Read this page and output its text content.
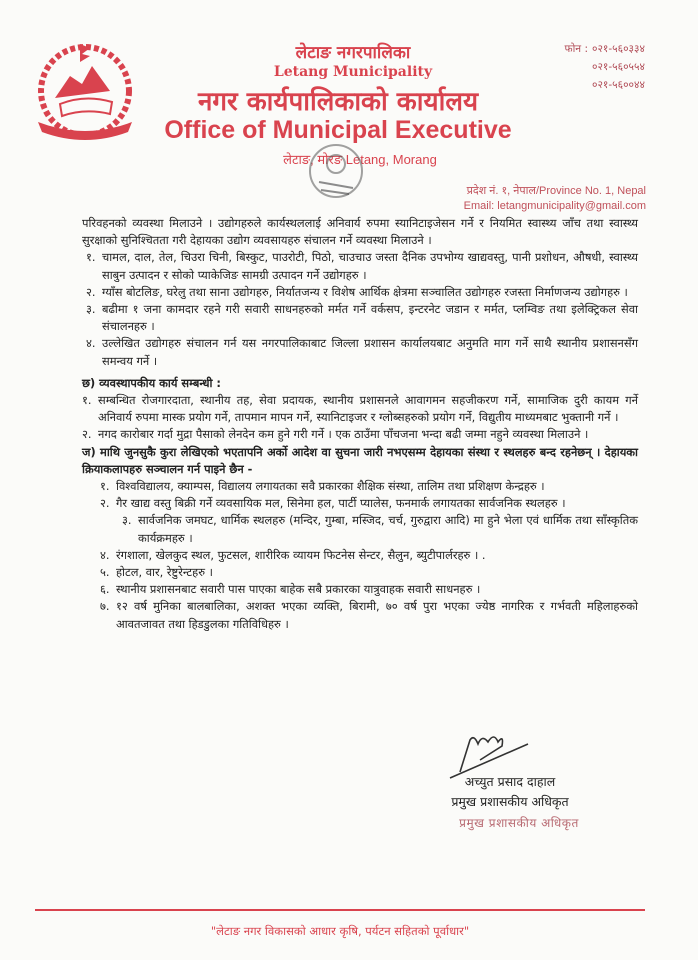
लेटाङ नगरपालिका
Letang Municipality
नगर कार्यपालिकाको कार्यालय
Office of Municipal Executive
लेटाङ, मोरङ Letang, Morang
फोन : ०२१-५६०३३४
०२१-५६०५५४
०२१-५६००४४
प्रदेश नं. १, नेपाल/Province No. 1, Nepal
Email: letangmunicipality@gmail.com

परिवहनको व्यवस्था मिलाउने । उद्योगहरुले कार्यस्थललाई अनिवार्य रुपमा स्यानिटाइजेसन गर्ने र नियमित स्वास्थ्य जाँच तथा स्वास्थ्य सुरक्षाको सुनिश्चितता गरी देहायका उद्योग व्यवसायहरु संचालन गर्ने व्यवस्था मिलाउने ।

१. चामल, दाल, तेल, चिउरा चिनी, बिस्कुट, पाउरोटी, पिठो, चाउचाउ जस्ता दैनिक उपभोग्य खाद्यवस्तु, पानी प्रशोधन, औषधी, स्वास्थ्य साबुन उत्पादन र सोको प्याकेजिङ सामग्री उत्पादन गर्ने उद्योगहरु ।
२. ग्याँस बोटलिङ, घरेलु तथा साना उद्योगहरु, निर्यातजन्य र विशेष आर्थिक क्षेत्रमा सञ्चालित उद्योगहरु रजस्ता निर्माणजन्य उद्योगहरु ।
३. बढीमा १ जना कामदार रहने गरी सवारी साधनहरुको मर्मत गर्ने वर्कसप, इन्टरनेट जडान र मर्मत, प्लम्विङ तथा इलेक्ट्रिकल सेवा संचालनहरु ।
४. उल्लेखित उद्योगहरु संचालन गर्न यस नगरपालिकाबाट जिल्ला प्रशासन कार्यालयबाट अनुमति माग गर्ने साथै स्थानीय प्रशासनसँग समन्वय गर्ने ।

छ) व्यवस्थापकीय कार्य सम्बन्धी :

१. सम्बन्धित रोजगारदाता, स्थानीय तह, सेवा प्रदायक, स्थानीय प्रशासनले आवागमन सहजीकरण गर्ने, सामाजिक दुरी कायम गर्ने अनिवार्य रुपमा मास्क प्रयोग गर्ने, तापमान मापन गर्ने, स्यानिटाइजर र ग्लोब्सहरुको प्रयोग गर्ने, विद्युतीय माध्यमबाट भुक्तानी गर्ने ।
२. नगद कारोबार गर्दा मुद्रा पैसाको लेनदेन कम हुने गरी गर्ने । एक ठाउँमा पाँचजना भन्दा बढी जम्मा नहुने व्यवस्था मिलाउने ।

ज) माथि जुनसुकै कुरा लेखिएको भएतापनि अर्को आदेश वा सुचना जारी नभएसम्म देहायका संस्था र स्थलहरु बन्द रहनेछन् । देहायका क्रियाकलापहरु सञ्चालन गर्न पाइने छैन -

१. विश्वविद्यालय, क्याम्पस, विद्यालय लगायतका सवै प्रकारका शैक्षिक संस्था, तालिम तथा प्रशिक्षण केन्द्रहरु ।
२. गैर खाद्य वस्तु बिक्री गर्ने व्यवसायिक मल, सिनेमा हल, पार्टी प्यालेस, फनमार्क लगायतका सार्वजनिक स्थलहरु ।
३. सार्वजनिक जमघट, धार्मिक स्थलहरु (मन्दिर, गुम्बा, मस्जिद, चर्च, गुरुद्वारा आदि) मा हुने भेला एवं धार्मिक तथा साँस्कृतिक कार्यक्रमहरु ।
४. रंगशाला, खेलकुद स्थल, फुटसल, शारीरिक व्यायम फिटनेस सेन्टर, सैलुन, ब्युटीपार्लरहरु । .
५. होटल, वार, रेष्टुरेन्टहरु ।
६. स्थानीय प्रशासनबाट सवारी पास पाएका बाहेक सबै प्रकारका यात्रुवाहक सवारी साधनहरु ।
७. १२ वर्ष मुनिका बालबालिका, अशक्त भएका व्यक्ति, बिरामी, ७० वर्ष पुरा भएका ज्येष्ठ नागरिक र गर्भवती महिलाहरुको आवतजावत तथा हिडडुलका गतिविधिहरु ।
अच्युत प्रसाद दाहाल
प्रमुख प्रशासकीय अधिकृत
प्रमुख प्रशासकीय अधिकृत
"लेटाङ नगर विकासको आधार कृषि, पर्यटन सहितको पूर्वाधार"
